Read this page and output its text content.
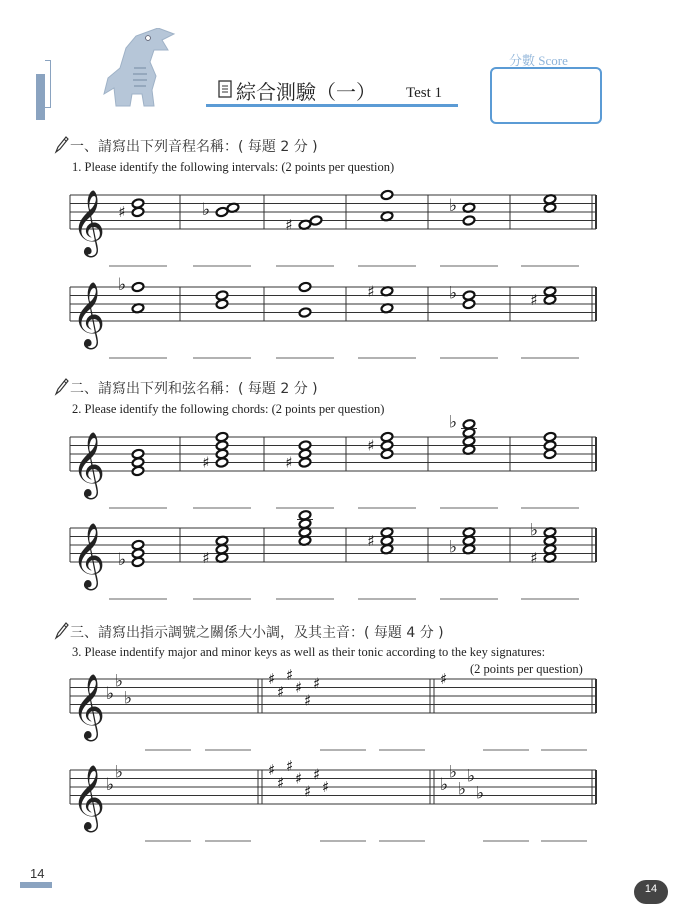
綜合測驗（一） Test 1
分數 Score
一、請寫出下列音程名稱：( 每題 2 分 )
1. Please identify the following intervals: (2 points per question)
二、請寫出下列和弦名稱：( 每題 2 分 )
2. Please identify the following chords: (2 points per question)
三、請寫出指示調號之關係大小調，及其主音：( 每題 4 分 )
3. Please indentify major and minor keys as well as their tonic according to the key signatures:
(2 points per question)
𝄞 ♯	♭
♯
♭
𝄞 ♭	♯	♭	♯
𝄞	♯	♯
♯
♭
𝄞 ♭	♯
♯	♭
♯
♭
𝄞 ♭
♭
♭
♯
♯
♯
♯
♯
♯	♯
𝄞 ♭
♭	♯
♯
♯
♯
♯
♯
♯	♭
♭
♭
♭
♭
14
14
